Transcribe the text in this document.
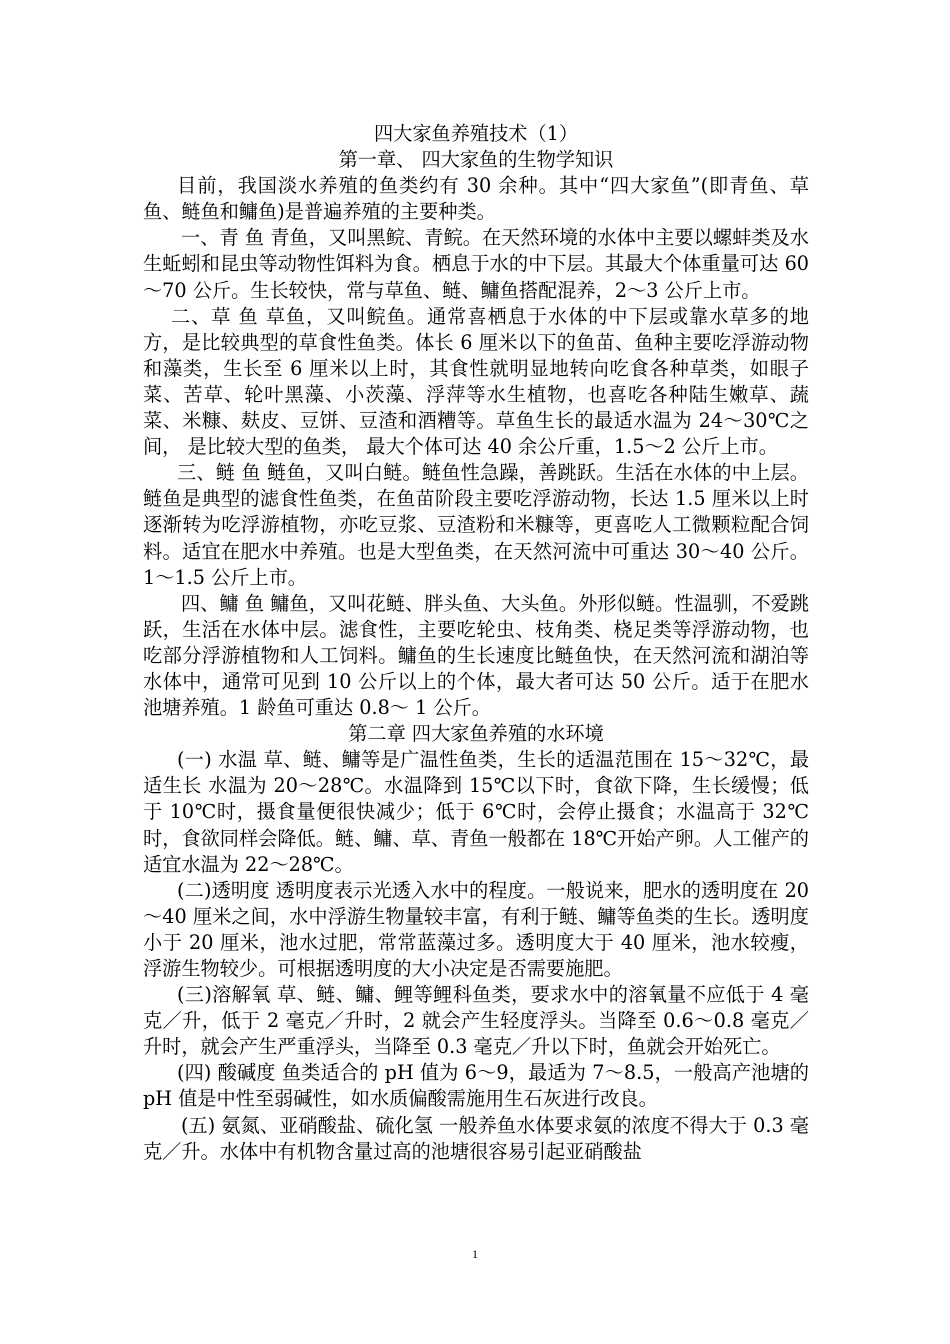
四大家鱼养殖技术（1）

第一章、 四大家鱼的生物学知识

目前，我国淡水养殖的鱼类约有 30 余种。其中“四大家鱼”(即青鱼、草鱼、鲢鱼和鳙鱼)是普遍养殖的主要种类。

一、青 鱼 青鱼，又叫黑鲩、青鲩。在天然环境的水体中主要以螺蚌类及水生蚯蚓和昆虫等动物性饵料为食。栖息于水的中下层。其最大个体重量可达 60～70 公斤。生长较快，常与草鱼、鲢、鳙鱼搭配混养，2～3 公斤上市。

二、草 鱼 草鱼，又叫鲩鱼。通常喜栖息于水体的中下层或靠水草多的地方，是比较典型的草食性鱼类。体长 6 厘米以下的鱼苗、鱼种主要吃浮游动物和藻类，生长至 6 厘米以上时，其食性就明显地转向吃食各种草类，如眼子菜、苦草、轮叶黑藻、小茨藻、浮萍等水生植物，也喜吃各种陆生嫩草、蔬菜、米糠、麸皮、豆饼、豆渣和酒糟等。草鱼生长的最适水温为 24～30℃之间， 是比较大型的鱼类， 最大个体可达 40 余公斤重，1.5～2 公斤上市。

三、鲢 鱼 鲢鱼，又叫白鲢。鲢鱼性急躁，善跳跃。生活在水体的中上层。鲢鱼是典型的滤食性鱼类，在鱼苗阶段主要吃浮游动物，长达 1.5 厘米以上时逐渐转为吃浮游植物，亦吃豆浆、豆渣粉和米糠等，更喜吃人工微颗粒配合饲料。适宜在肥水中养殖。也是大型鱼类，在天然河流中可重达 30～40 公斤。1～1.5 公斤上市。

四、鳙 鱼 鳙鱼，又叫花鲢、胖头鱼、大头鱼。外形似鲢。性温驯，不爱跳跃，生活在水体中层。滤食性，主要吃轮虫、枝角类、桡足类等浮游动物，也吃部分浮游植物和人工饲料。鳙鱼的生长速度比鲢鱼快，在天然河流和湖泊等水体中，通常可见到 10 公斤以上的个体，最大者可达 50 公斤。适于在肥水池塘养殖。1 龄鱼可重达 0.8～ 1 公斤。

第二章 四大家鱼养殖的水环境

(一) 水温 草、鲢、鳙等是广温性鱼类，生长的适温范围在 15～32℃，最适生长 水温为 20～28℃。水温降到 15℃以下时，食欲下降，生长缓慢；低于 10℃时，摄食量便很快减少；低于 6℃时，会停止摄食；水温高于 32℃时，食欲同样会降低。鲢、鳙、草、青鱼一般都在 18℃开始产卵。人工催产的适宜水温为 22～28℃。

(二)透明度 透明度表示光透入水中的程度。一般说来，肥水的透明度在 20～40 厘米之间，水中浮游生物量较丰富，有利于鲢、鳙等鱼类的生长。透明度小于 20 厘米，池水过肥，常常蓝藻过多。透明度大于 40 厘米，池水较瘦，浮游生物较少。可根据透明度的大小决定是否需要施肥。

(三)溶解氧 草、鲢、鳙、鲤等鲤科鱼类，要求水中的溶氧量不应低于 4 毫克／升，低于 2 毫克／升时，2 就会产生轻度浮头。当降至 0.6～0.8 毫克／升时，就会产生严重浮头，当降至 0.3 毫克／升以下时，鱼就会开始死亡。

(四) 酸碱度 鱼类适合的 pH 值为 6～9，最适为 7～8.5，一般高产池塘的 pH 值是中性至弱碱性，如水质偏酸需施用生石灰进行改良。

(五) 氨氮、亚硝酸盐、硫化氢 一般养鱼水体要求氨的浓度不得大于 0.3 毫克／升。水体中有机物含量过高的池塘很容易引起亚硝酸盐

1
